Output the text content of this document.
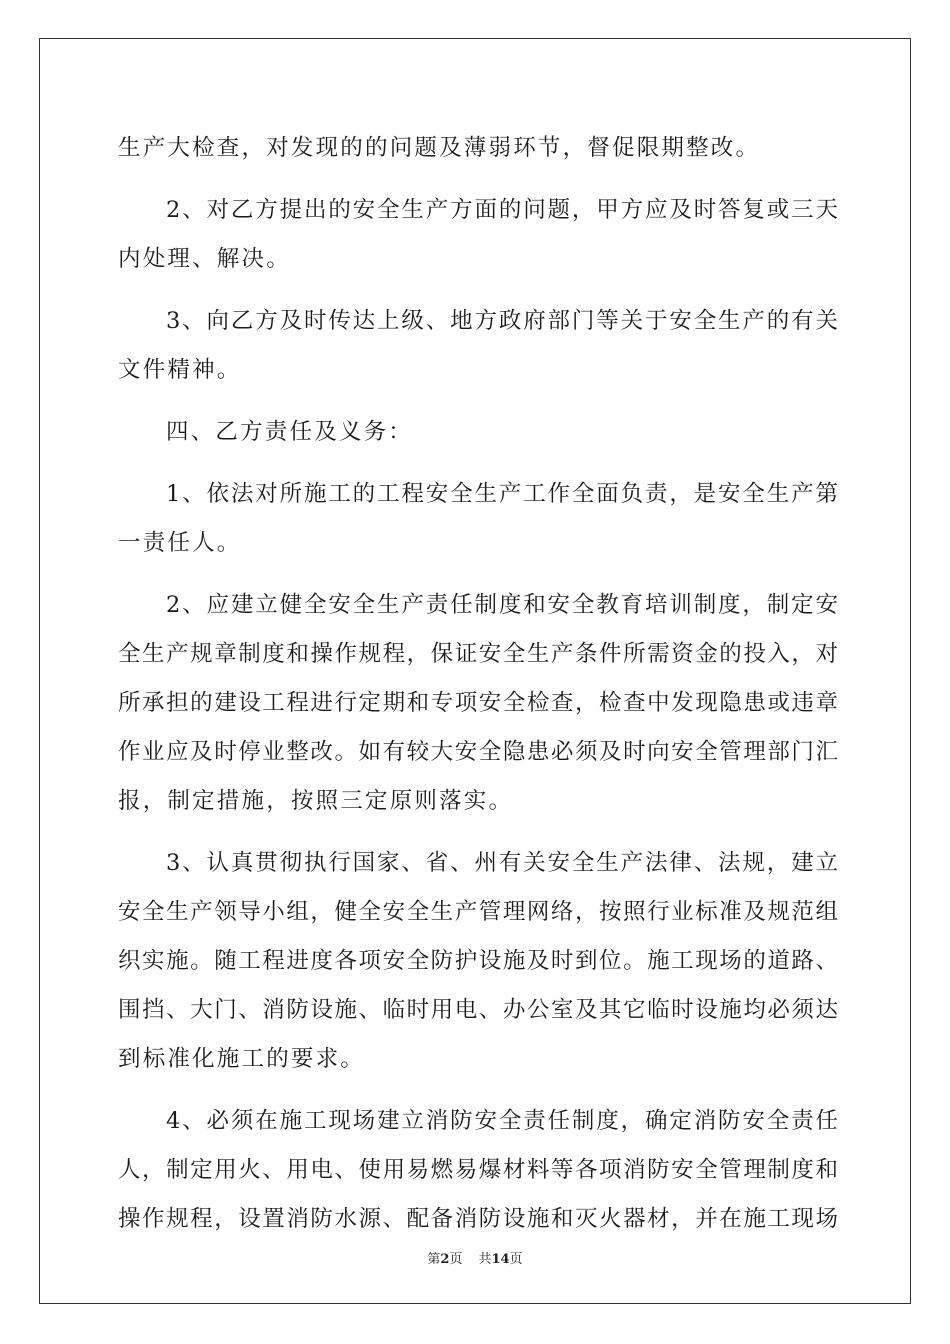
生产大检查，对发现的的问题及薄弱环节，督促限期整改。
2、对乙方提出的安全生产方面的问题，甲方应及时答复或三天
内处理、解决。
3、向乙方及时传达上级、地方政府部门等关于安全生产的有关
文件精神。
四、乙方责任及义务：
1、依法对所施工的工程安全生产工作全面负责，是安全生产第
一责任人。
2、应建立健全安全生产责任制度和安全教育培训制度，制定安
全生产规章制度和操作规程，保证安全生产条件所需资金的投入，对
所承担的建设工程进行定期和专项安全检查，检查中发现隐患或违章
作业应及时停业整改。如有较大安全隐患必须及时向安全管理部门汇
报，制定措施，按照三定原则落实。
3、认真贯彻执行国家、省、州有关安全生产法律、法规，建立
安全生产领导小组，健全安全生产管理网络，按照行业标准及规范组
织实施。随工程进度各项安全防护设施及时到位。施工现场的道路、
围挡、大门、消防设施、临时用电、办公室及其它临时设施均必须达
到标准化施工的要求。
4、必须在施工现场建立消防安全责任制度，确定消防安全责任
人，制定用火、用电、使用易燃易爆材料等各项消防安全管理制度和
操作规程，设置消防水源、配备消防设施和灭火器材，并在施工现场
第2页 共14页
